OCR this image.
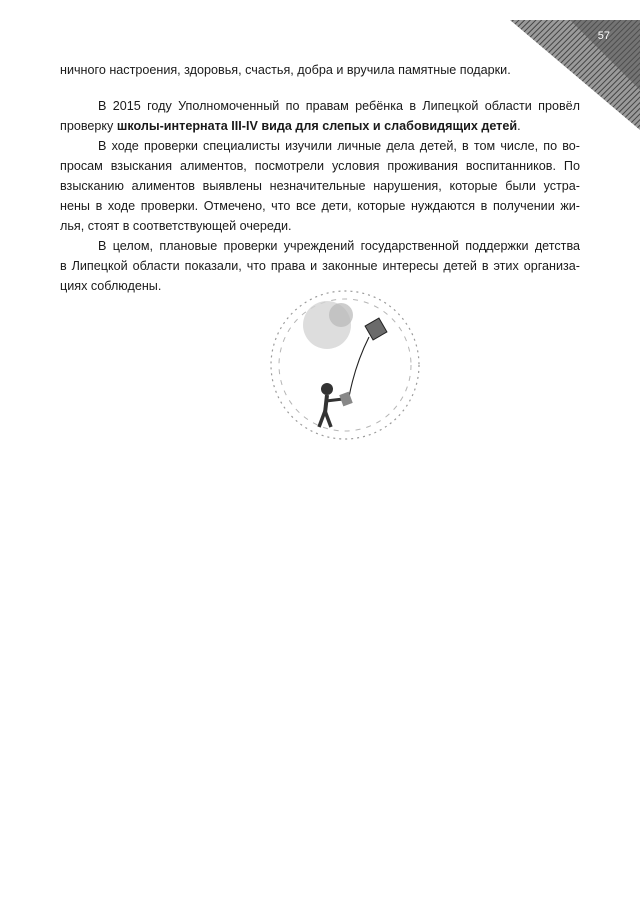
57
ничного настроения, здоровья, счастья, добра и вручила памятные подарки.
В 2015 году Уполномоченный по правам ребёнка в Липецкой области провёл
проверку школы-интерната III-IV вида для слепых и слабовидящих детей.
В ходе проверки специалисты изучили личные дела детей, в том числе, по во-
просам взыскания алиментов, посмотрели условия проживания воспитанников. По
взысканию алиментов выявлены незначительные нарушения, которые были устра-
нены в ходе проверки. Отмечено, что все дети, которые нуждаются в получении жи-
лья, стоят в соответствующей очереди.
В целом, плановые проверки учреждений государственной поддержки детства
в Липецкой области показали, что права и законные интересы детей в этих организа-
циях соблюдены.
